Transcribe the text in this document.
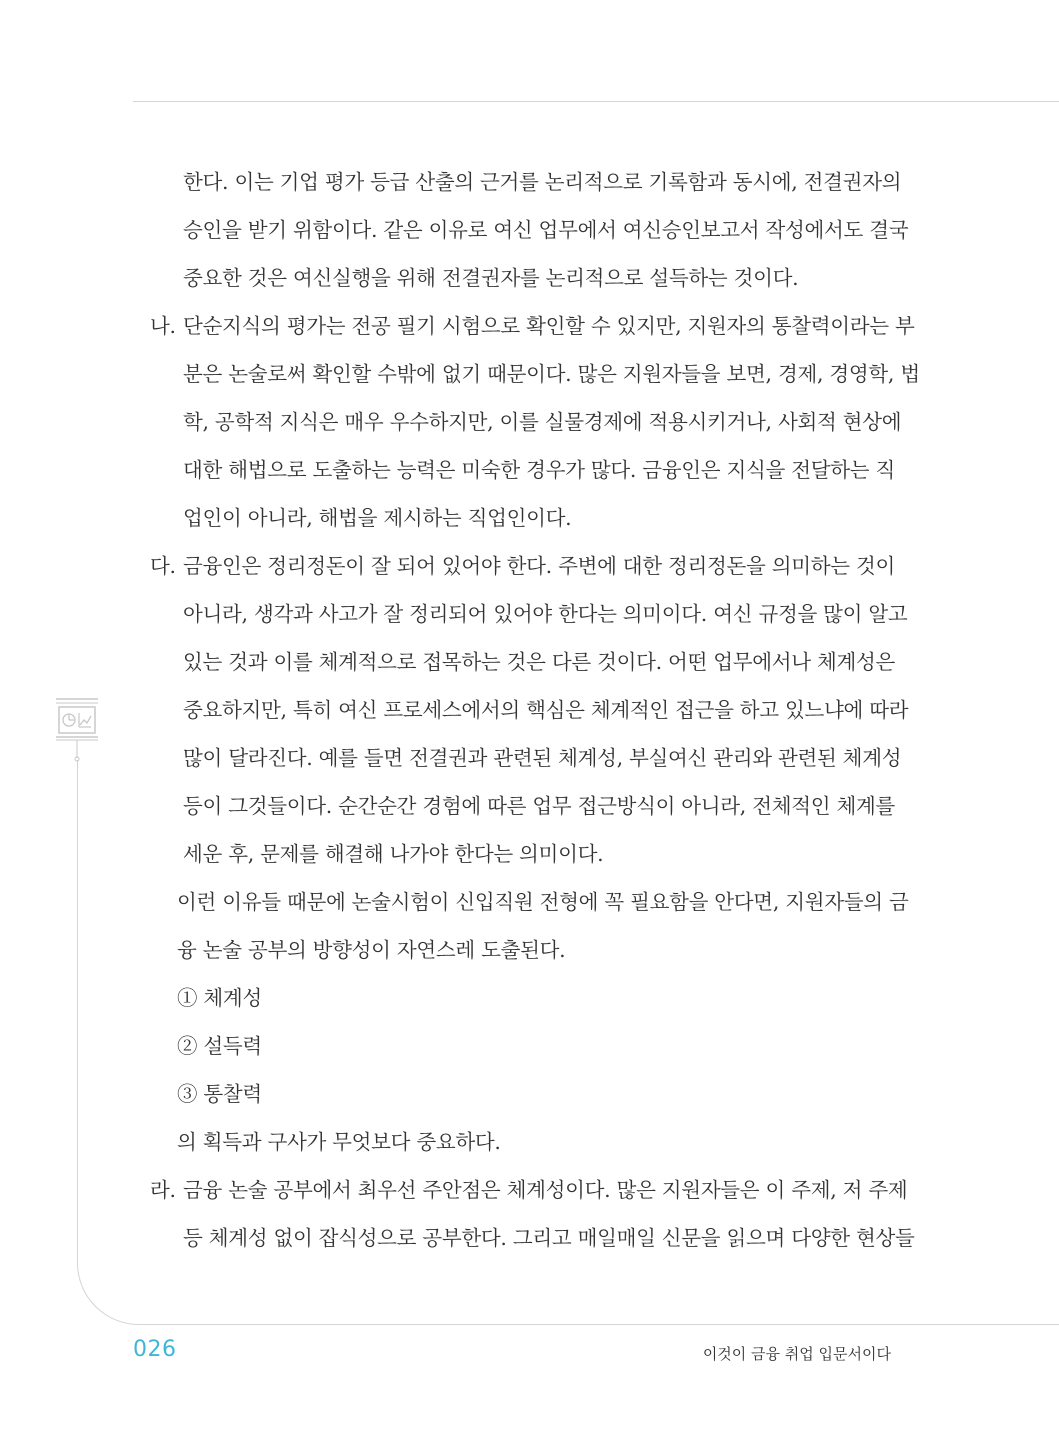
한다. 이는 기업 평가 등급 산출의 근거를 논리적으로 기록함과 동시에, 전결권자의
승인을 받기 위함이다. 같은 이유로 여신 업무에서 여신승인보고서 작성에서도 결국
중요한 것은 여신실행을 위해 전결권자를 논리적으로 설득하는 것이다.
나. 단순지식의 평가는 전공 필기 시험으로 확인할 수 있지만, 지원자의 통찰력이라는 부
분은 논술로써 확인할 수밖에 없기 때문이다. 많은 지원자들을 보면, 경제, 경영학, 법
학, 공학적 지식은 매우 우수하지만, 이를 실물경제에 적용시키거나, 사회적 현상에
대한 해법으로 도출하는 능력은 미숙한 경우가 많다. 금융인은 지식을 전달하는 직
업인이 아니라, 해법을 제시하는 직업인이다.
다. 금융인은 정리정돈이 잘 되어 있어야 한다. 주변에 대한 정리정돈을 의미하는 것이
아니라, 생각과 사고가 잘 정리되어 있어야 한다는 의미이다. 여신 규정을 많이 알고
있는 것과 이를 체계적으로 접목하는 것은 다른 것이다. 어떤 업무에서나 체계성은
중요하지만, 특히 여신 프로세스에서의 핵심은 체계적인 접근을 하고 있느냐에 따라
많이 달라진다. 예를 들면 전결권과 관련된 체계성, 부실여신 관리와 관련된 체계성
등이 그것들이다. 순간순간 경험에 따른 업무 접근방식이 아니라, 전체적인 체계를
세운 후, 문제를 해결해 나가야 한다는 의미이다.
이런 이유들 때문에 논술시험이 신입직원 전형에 꼭 필요함을 안다면, 지원자들의 금
융 논술 공부의 방향성이 자연스레 도출된다.
① 체계성
② 설득력
③ 통찰력
의 획득과 구사가 무엇보다 중요하다.
라. 금융 논술 공부에서 최우선 주안점은 체계성이다. 많은 지원자들은 이 주제, 저 주제
등 체계성 없이 잡식성으로 공부한다. 그리고 매일매일 신문을 읽으며 다양한 현상들
026	이것이 금융 취업 입문서이다
